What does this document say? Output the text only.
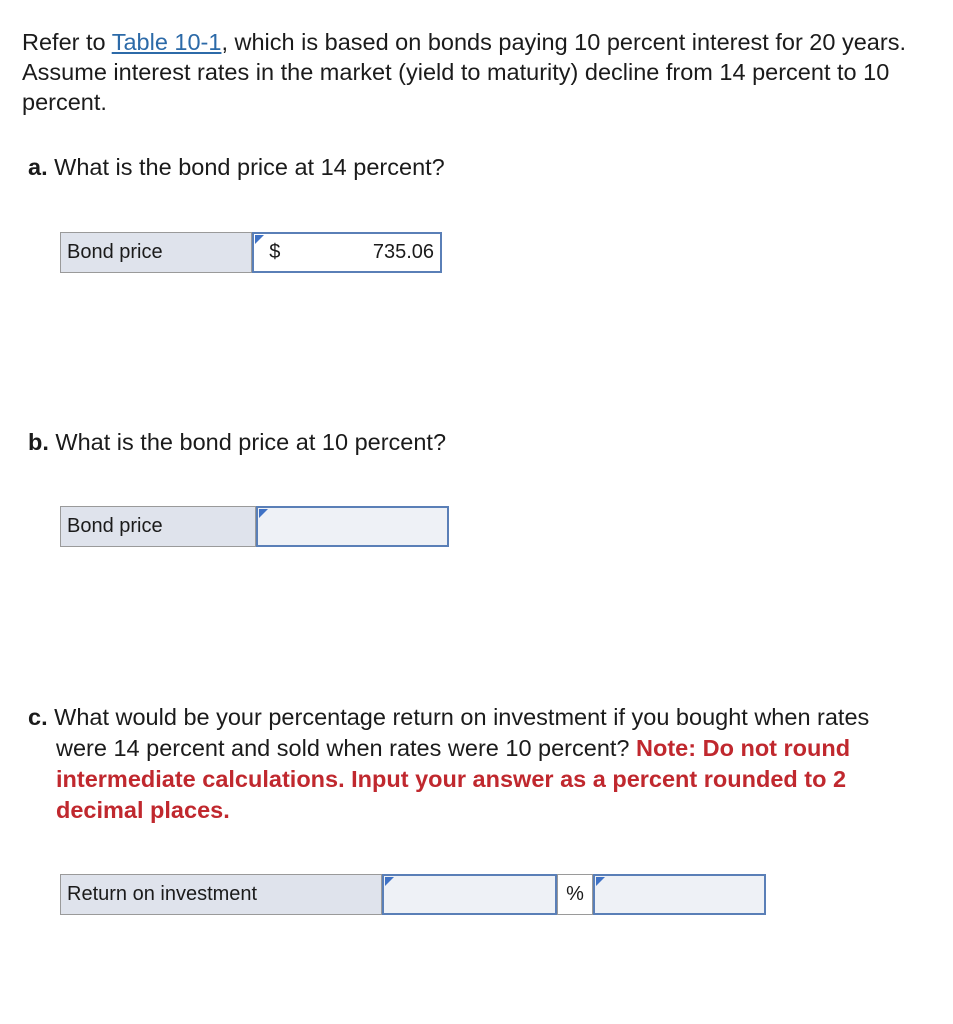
Refer to Table 10-1, which is based on bonds paying 10 percent interest for 20 years. Assume interest rates in the market (yield to maturity) decline from 14 percent to 10 percent.

a. What is the bond price at 14 percent?

Bond price	$
735.06

b. What is the bond price at 10 percent?

Bond price

c. What would be your percentage return on investment if you bought when rates were 14 percent and sold when rates were 10 percent? Note: Do not round intermediate calculations. Input your answer as a percent rounded to 2 decimal places.

Return on investment	%
